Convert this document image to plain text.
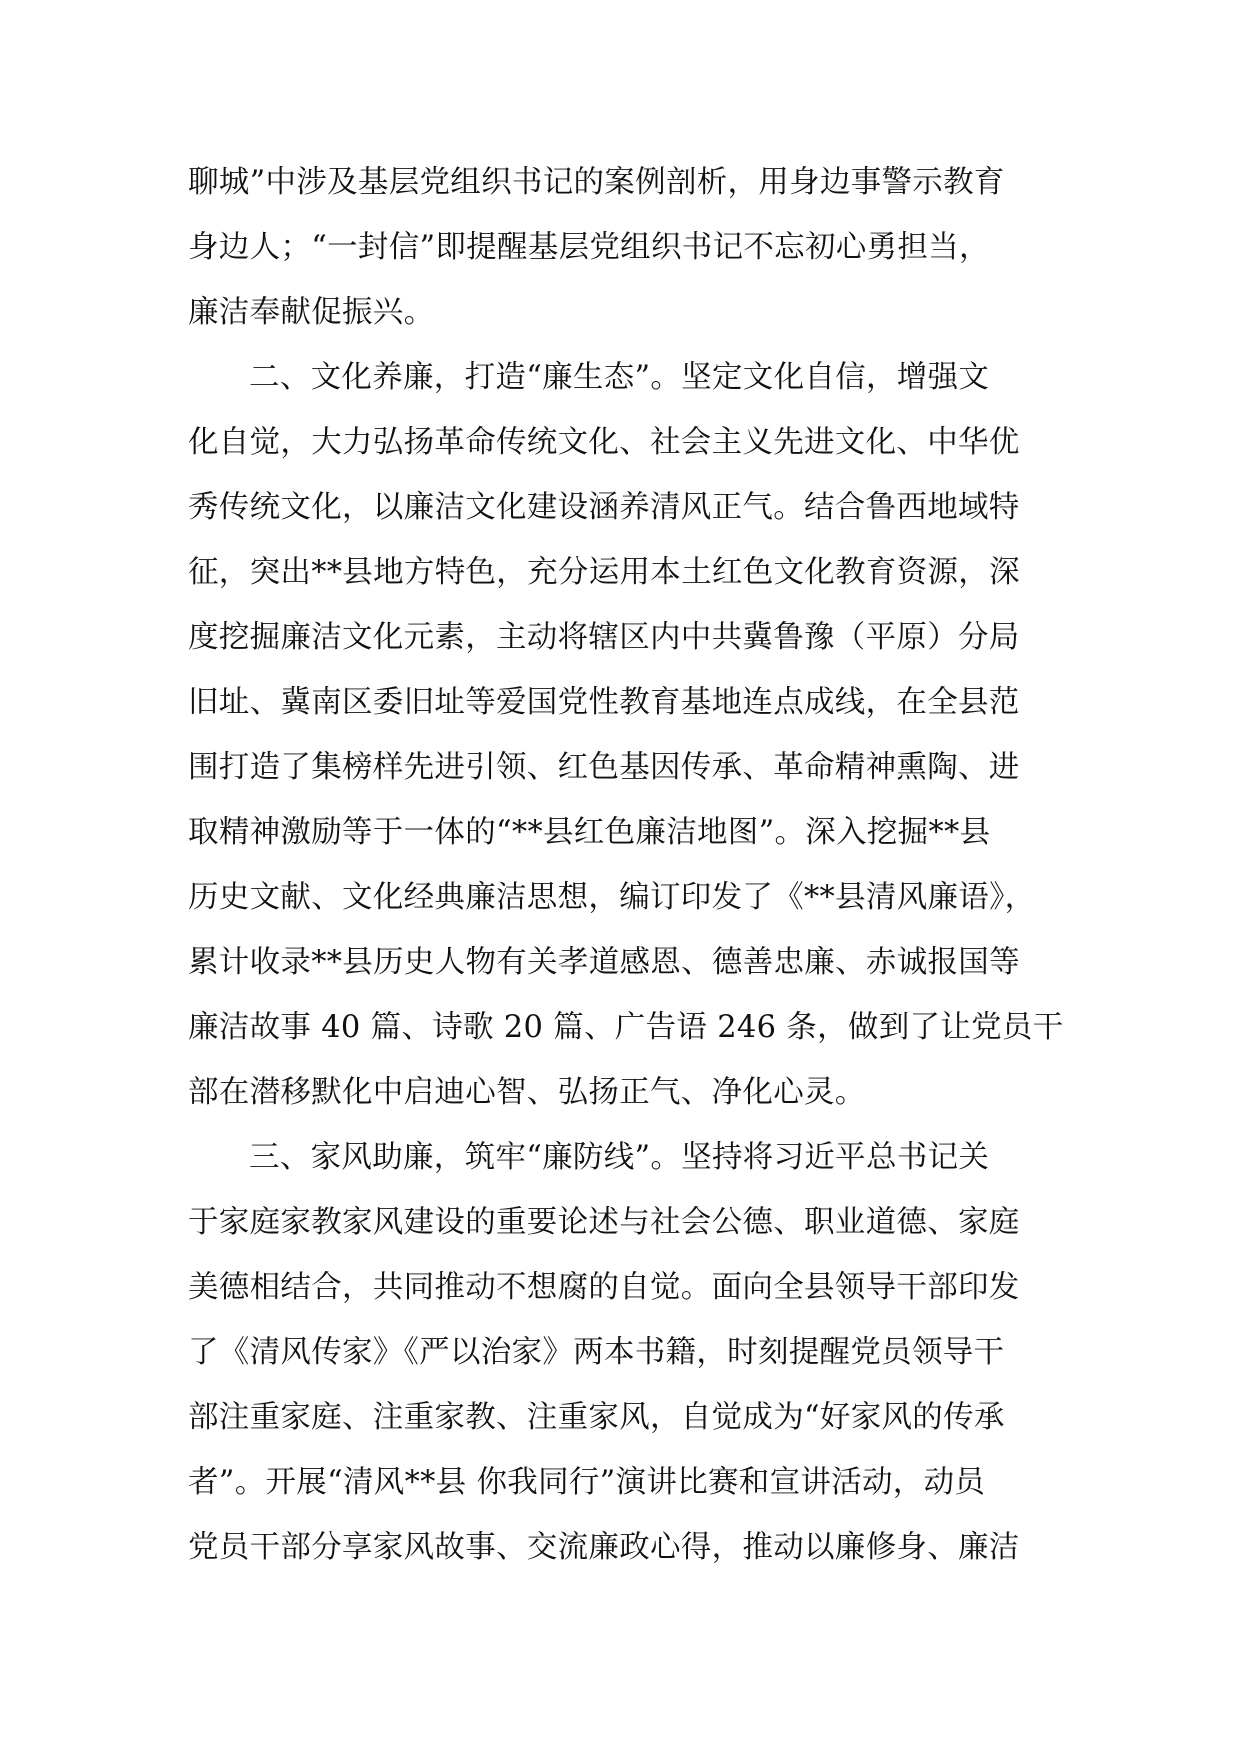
聊城”中涉及基层党组织书记的案例剖析，用身边事警示教育
身边人；“一封信”即提醒基层党组织书记不忘初心勇担当，
廉洁奉献促振兴。
二、文化养廉，打造“廉生态”。坚定文化自信，增强文
化自觉，大力弘扬革命传统文化、社会主义先进文化、中华优
秀传统文化，以廉洁文化建设涵养清风正气。结合鲁西地域特
征，突出**县地方特色，充分运用本土红色文化教育资源，深
度挖掘廉洁文化元素，主动将辖区内中共冀鲁豫（平原）分局
旧址、冀南区委旧址等爱国党性教育基地连点成线，在全县范
围打造了集榜样先进引领、红色基因传承、革命精神熏陶、进
取精神激励等于一体的“**县红色廉洁地图”。深入挖掘**县
历史文献、文化经典廉洁思想，编订印发了《**县清风廉语》，
累计收录**县历史人物有关孝道感恩、德善忠廉、赤诚报国等
廉洁故事 40 篇、诗歌 20 篇、广告语 246 条，做到了让党员干
部在潜移默化中启迪心智、弘扬正气、净化心灵。
三、家风助廉，筑牢“廉防线”。坚持将习近平总书记关
于家庭家教家风建设的重要论述与社会公德、职业道德、家庭
美德相结合，共同推动不想腐的自觉。面向全县领导干部印发
了《清风传家》《严以治家》两本书籍，时刻提醒党员领导干
部注重家庭、注重家教、注重家风，自觉成为“好家风的传承
者”。开展“清风**县 你我同行”演讲比赛和宣讲活动，动员
党员干部分享家风故事、交流廉政心得，推动以廉修身、廉洁
